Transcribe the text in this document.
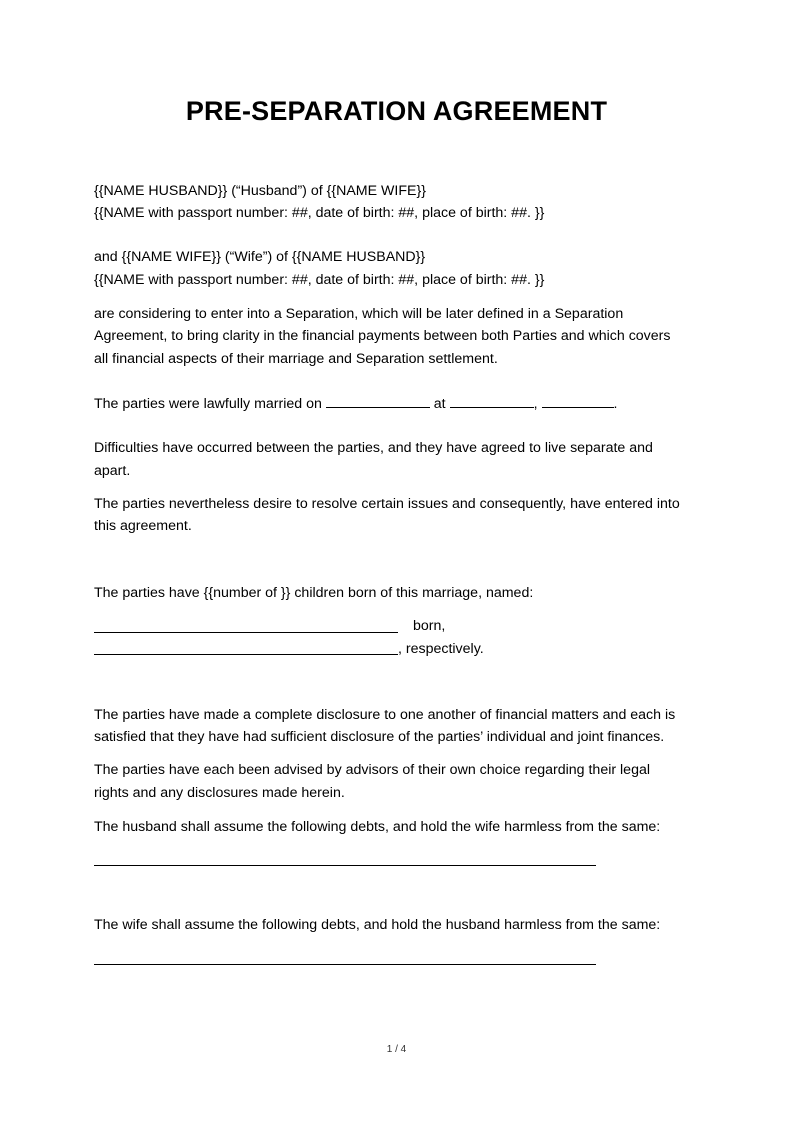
PRE-SEPARATION AGREEMENT
{{NAME HUSBAND}} (“Husband”) of {{NAME WIFE}}
{{NAME with passport number: ##, date of birth: ##, place of birth: ##. }}
and {{NAME WIFE}} (“Wife”) of {{NAME HUSBAND}}
{{NAME with passport number: ##, date of birth: ##, place of birth: ##. }}
are considering to enter into a Separation, which will be later defined in a Separation
Agreement, to bring clarity in the financial payments between both Parties and which covers
all financial aspects of their marriage and Separation settlement.
The parties were lawfully married on	at	,	.
Difficulties have occurred between the parties, and they have agreed to live separate and
apart.
The parties nevertheless desire to resolve certain issues and consequently, have entered into
this agreement.
The parties have {{number of }} children born of this marriage, named:
born,
, respectively.
The parties have made a complete disclosure to one another of financial matters and each is
satisfied that they have had sufficient disclosure of the parties’ individual and joint finances.
The parties have each been advised by advisors of their own choice regarding their legal
rights and any disclosures made herein.
The husband shall assume the following debts, and hold the wife harmless from the same:
The wife shall assume the following debts, and hold the husband harmless from the same:
1 / 4
